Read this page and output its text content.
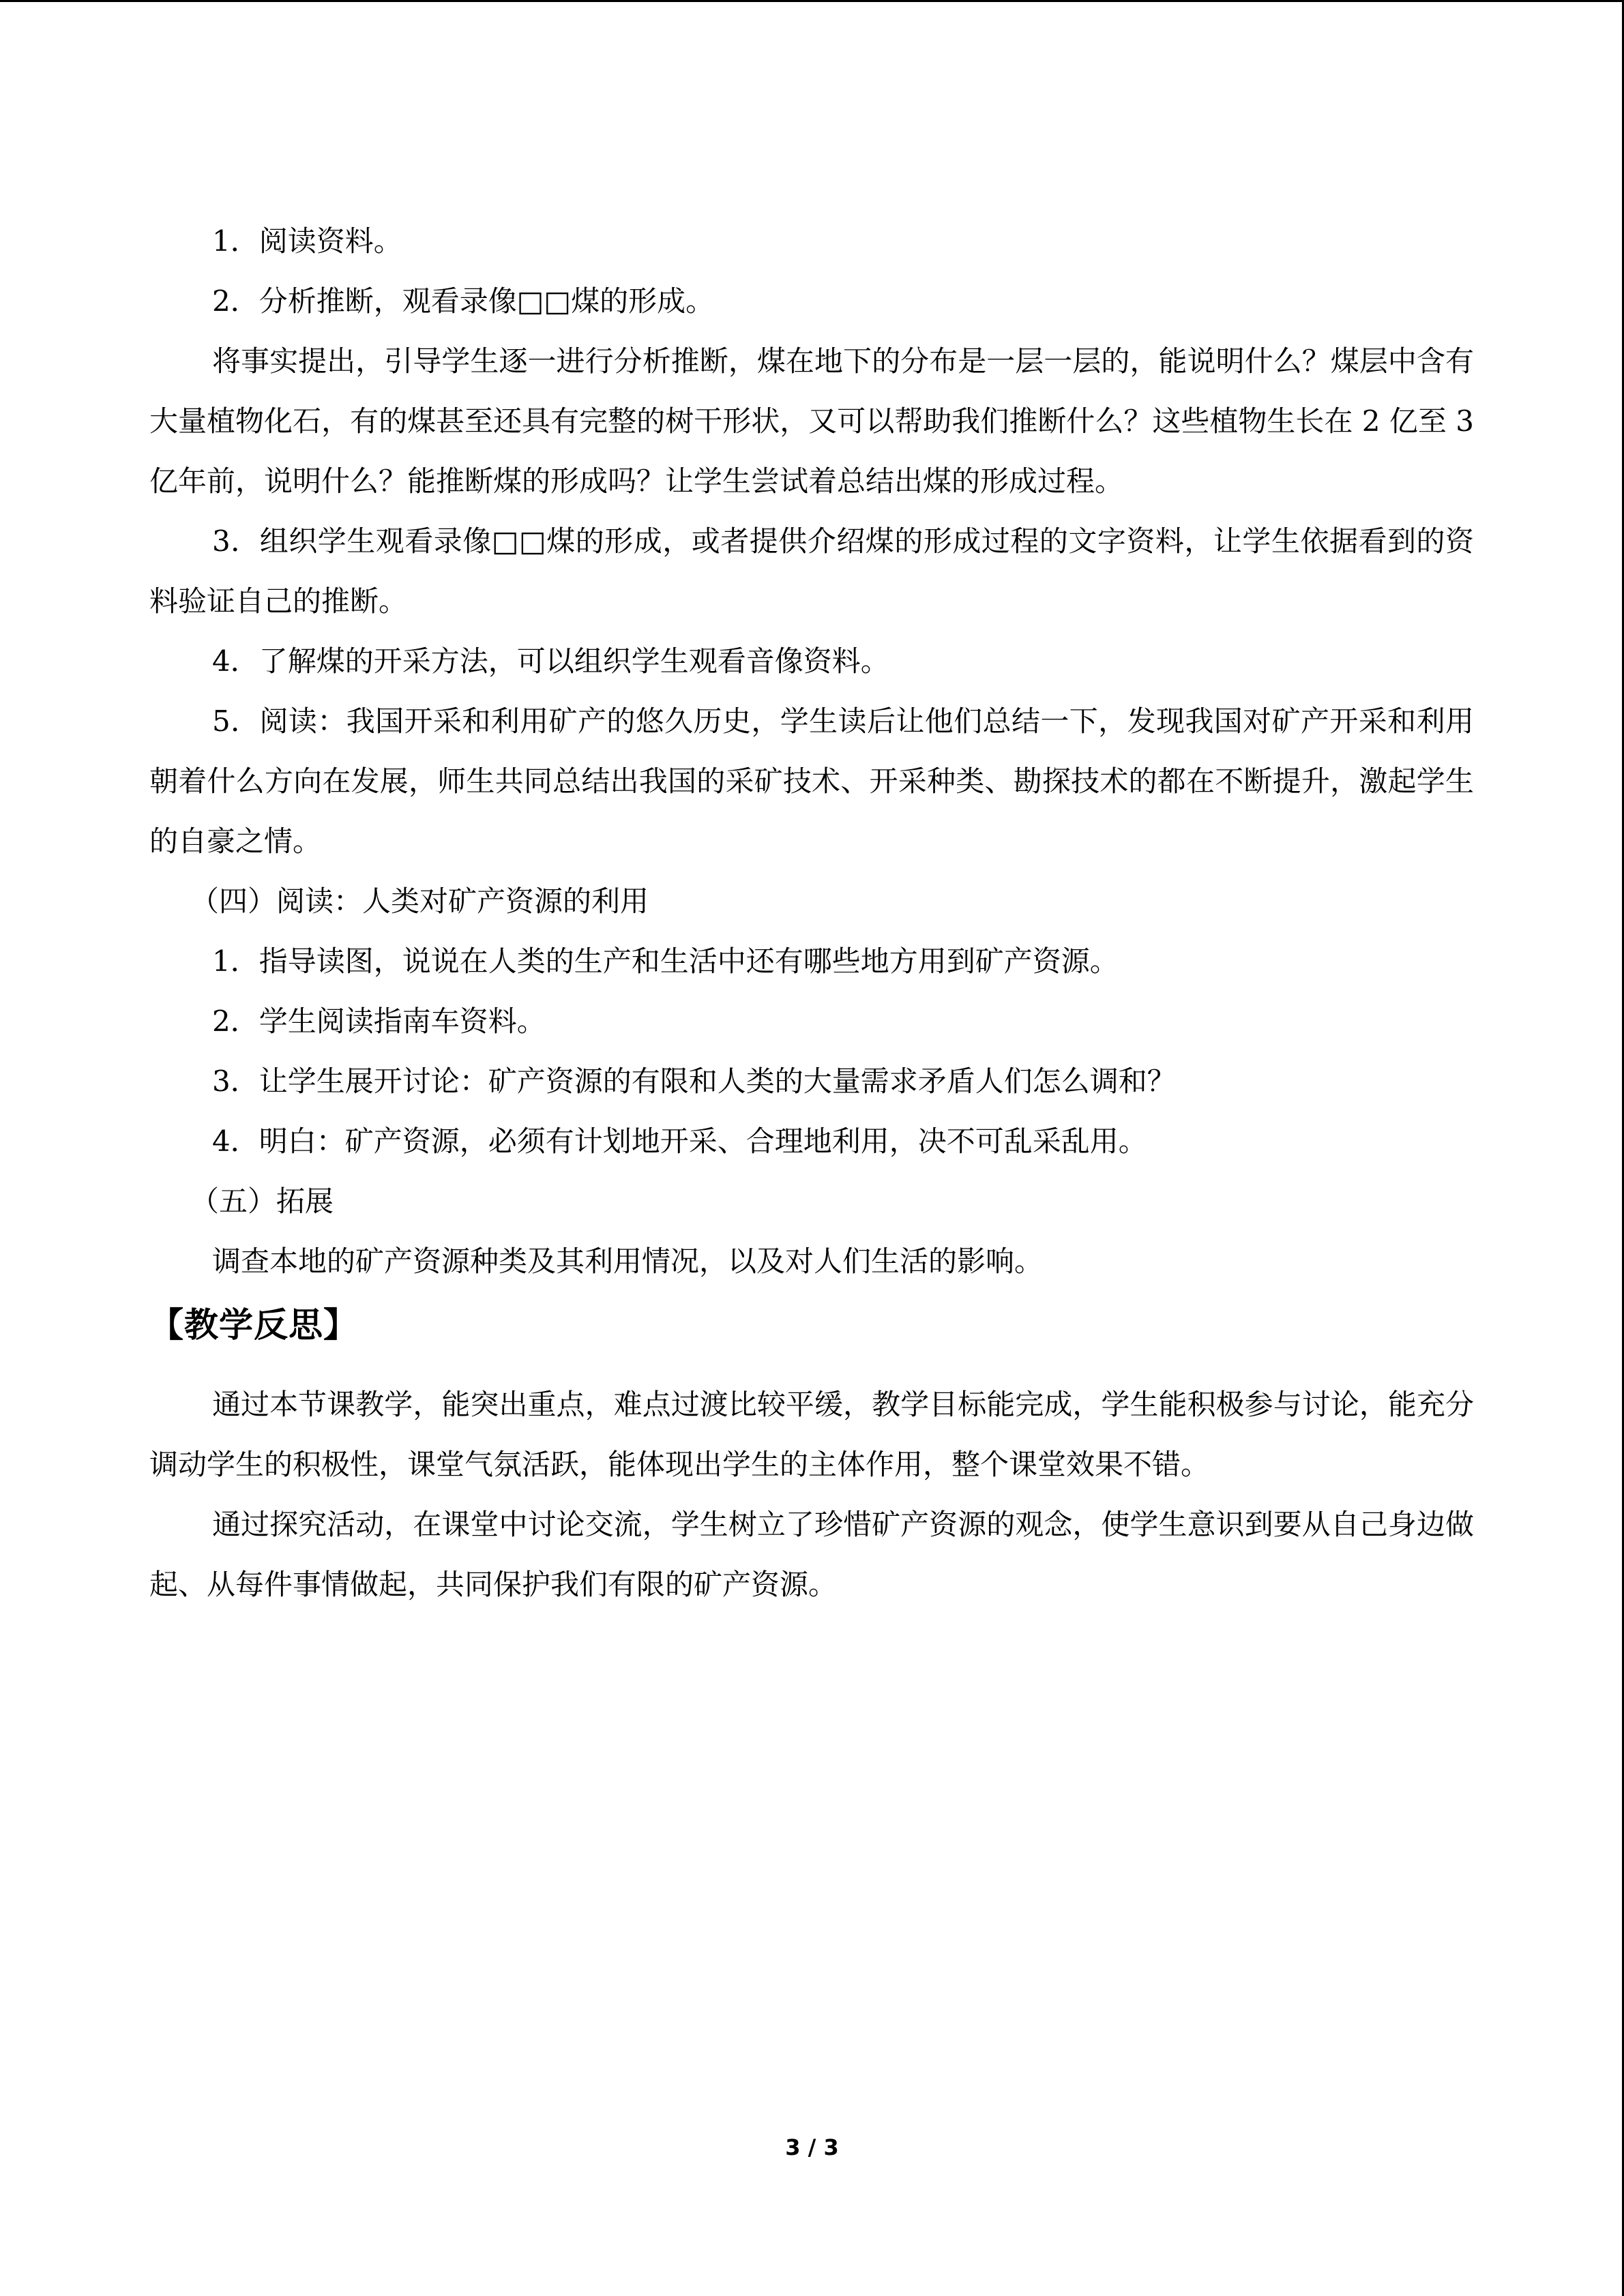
1．阅读资料。

2．分析推断，观看录像□□煤的形成。

将事实提出，引导学生逐一进行分析推断，煤在地下的分布是一层一层的，能说明什么？煤层中含有大量植物化石，有的煤甚至还具有完整的树干形状，又可以帮助我们推断什么？这些植物生长在 2 亿至 3 亿年前，说明什么？能推断煤的形成吗？让学生尝试着总结出煤的形成过程。

3．组织学生观看录像□□煤的形成，或者提供介绍煤的形成过程的文字资料，让学生依据看到的资料验证自己的推断。

4．了解煤的开采方法，可以组织学生观看音像资料。

5．阅读：我国开采和利用矿产的悠久历史，学生读后让他们总结一下，发现我国对矿产开采和利用朝着什么方向在发展，师生共同总结出我国的采矿技术、开采种类、勘探技术的都在不断提升，激起学生的自豪之情。

（四）阅读：人类对矿产资源的利用

1．指导读图，说说在人类的生产和生活中还有哪些地方用到矿产资源。

2．学生阅读指南车资料。

3．让学生展开讨论：矿产资源的有限和人类的大量需求矛盾人们怎么调和？

4．明白：矿产资源，必须有计划地开采、合理地利用，决不可乱采乱用。

（五）拓展

调查本地的矿产资源种类及其利用情况，以及对人们生活的影响。

【教学反思】

通过本节课教学，能突出重点，难点过渡比较平缓，教学目标能完成，学生能积极参与讨论，能充分调动学生的积极性，课堂气氛活跃，能体现出学生的主体作用，整个课堂效果不错。

通过探究活动，在课堂中讨论交流，学生树立了珍惜矿产资源的观念，使学生意识到要从自己身边做起、从每件事情做起，共同保护我们有限的矿产资源。

3 / 3
